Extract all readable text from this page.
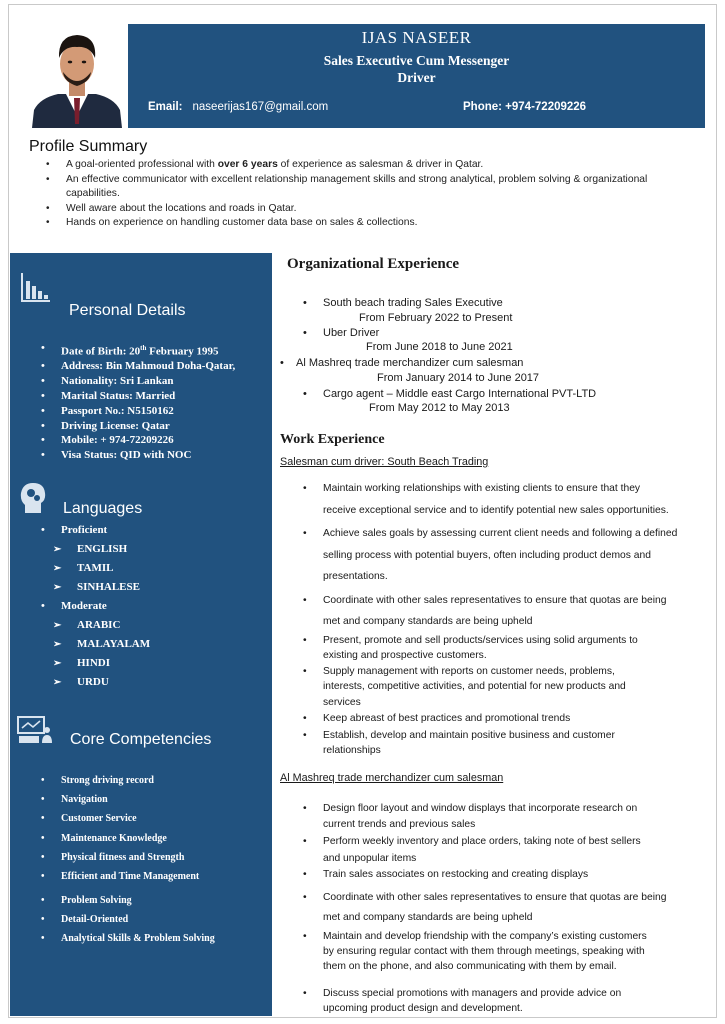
IJAS NASEER
Sales Executive Cum Messenger
Driver
Email: naseerijas167@gmail.com	Phone: +974-72209226
Profile Summary
• A goal-oriented professional with over 6 years of experience as salesman & driver in Qatar.
• An effective communicator with excellent relationship management skills and strong analytical, problem solving & organizational capabilities.
• Well aware about the locations and roads in Qatar.
• Hands on experience on handling customer data base on sales & collections.
Personal Details
• Date of Birth: 20th February 1995
• Address: Bin Mahmoud Doha-Qatar,
• Nationality: Sri Lankan
• Marital Status: Married
• Passport No.: N5150162
• Driving License: Qatar
• Mobile: + 974-72209226
• Visa Status: QID with NOC
Languages
• Proficient
➢ ENGLISH
➢ TAMIL
➢ SINHALESE
• Moderate
➢ ARABIC
➢ MALAYALAM
➢ HINDI
➢ URDU
Core Competencies
• Strong driving record
• Navigation
• Customer Service
• Maintenance Knowledge
• Physical fitness and Strength
• Efficient and Time Management
• Problem Solving
• Detail-Oriented
• Analytical Skills & Problem Solving
Organizational Experience
• South beach trading Sales Executive
From February 2022 to Present
• Uber Driver
From June 2018 to June 2021
• Al Mashreq trade merchandizer cum salesman
From January 2014 to June 2017
• Cargo agent – Middle east Cargo International PVT-LTD
From May 2012 to May 2013
Work Experience
Salesman cum driver: South Beach Trading
• Maintain working relationships with existing clients to ensure that they
receive exceptional service and to identify potential new sales opportunities.
• Achieve sales goals by assessing current client needs and following a defined
selling process with potential buyers, often including product demos and
presentations.
• Coordinate with other sales representatives to ensure that quotas are being
met and company standards are being upheld
• Present, promote and sell products/services using solid arguments to
existing and prospective customers.
• Supply management with reports on customer needs, problems,
interests, competitive activities, and potential for new products and
services
• Keep abreast of best practices and promotional trends
• Establish, develop and maintain positive business and customer
relationships
Al Mashreq trade merchandizer cum salesman
• Design floor layout and window displays that incorporate research on
current trends and previous sales
• Perform weekly inventory and place orders, taking note of best sellers
and unpopular items
• Train sales associates on restocking and creating displays
• Coordinate with other sales representatives to ensure that quotas are being
met and company standards are being upheld
• Maintain and develop friendship with the company’s existing customers
by ensuring regular contact with them through meetings, speaking with
them on the phone, and also communicating with them by email.
• Discuss special promotions with managers and provide advice on
upcoming product design and development.
